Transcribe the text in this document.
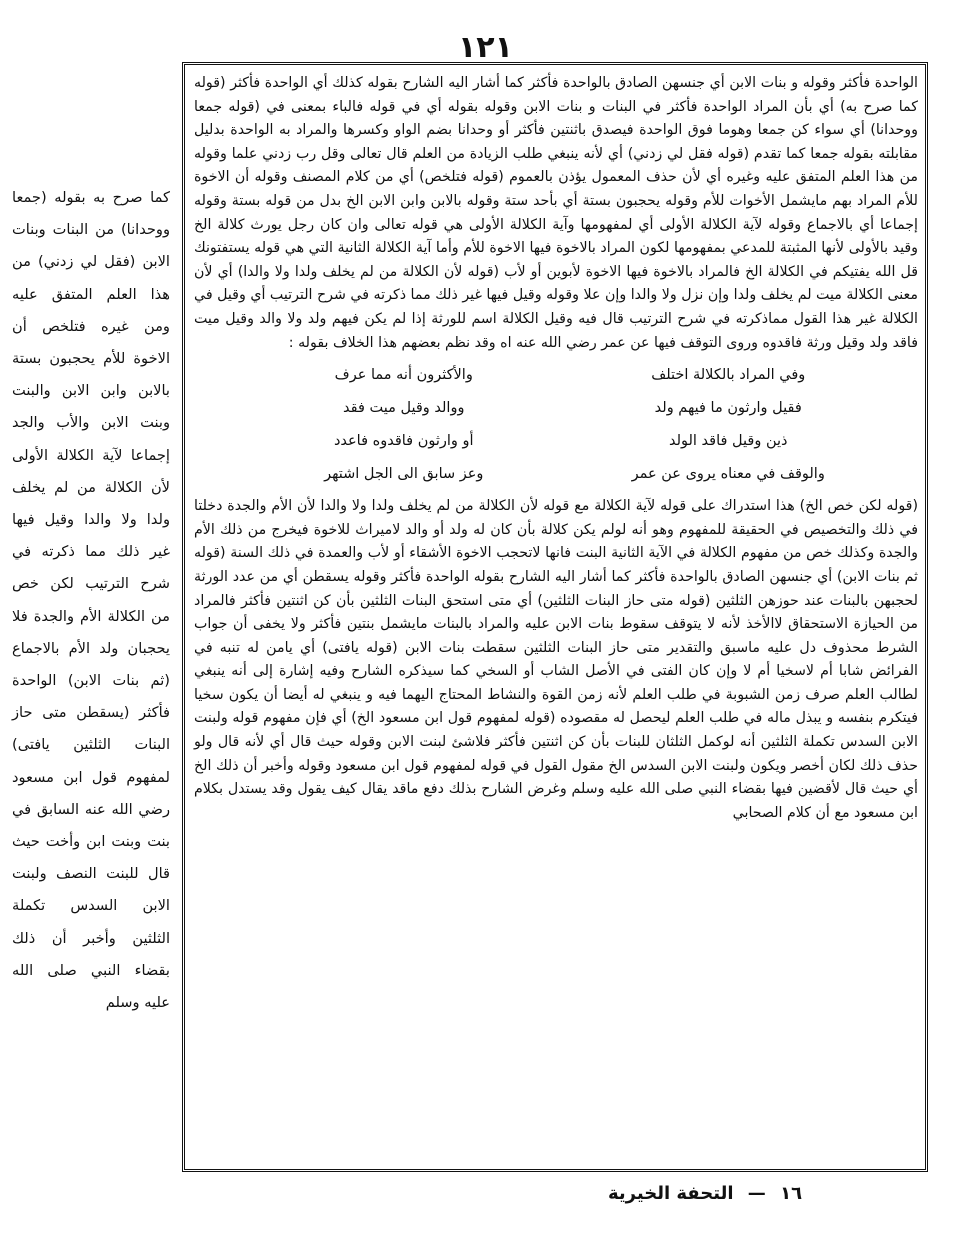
١٢١

الواحدة فأكثر وقوله و بنات الابن أي جنسهن الصادق بالواحدة فأكثر كما أشار اليه الشارح بقوله كذلك أي الواحدة فأكثر (قوله كما صرح به) أي بأن المراد الواحدة فأكثر في البنات و بنات الابن وقوله بقوله أي في قوله فالباء بمعنى في (قوله جمعا ووحدانا) أي سواء كن جمعا وهوما فوق الواحدة فيصدق باثنتين فأكثر أو وحدانا بضم الواو وكسرها والمراد به الواحدة بدليل مقابلته بقوله جمعا كما تقدم (قوله فقل لي زدني) أي لأنه ينبغي طلب الزيادة من العلم قال تعالى وقل رب زدني علما وقوله من هذا العلم المتفق عليه وغيره أي لأن حذف المعمول يؤذن بالعموم (قوله فتلخص) أي من كلام المصنف وقوله أن الاخوة للأم المراد بهم مايشمل الأخوات للأم وقوله يحجبون بستة أي بأحد ستة وقوله بالابن وابن الابن الخ بدل من قوله بستة وقوله إجماعا أي بالاجماع وقوله لآية الكلالة الأولى أي لمفهومها وآية الكلالة الأولى هي قوله تعالى وان كان رجل يورث كلالة الخ وقيد بالأولى لأنها المثبتة للمدعي بمفهومها لكون المراد بالاخوة فيها الاخوة للأم وأما آية الكلالة الثانية التي هي قوله يستفتونك قل الله يفتيكم في الكلالة الخ فالمراد بالاخوة فيها الاخوة لأبوين أو لأب (قوله لأن الكلالة من لم يخلف ولدا ولا والدا) أي لأن معنى الكلالة ميت لم يخلف ولدا وإن نزل ولا والدا وإن علا وقوله وقيل فيها غير ذلك مما ذكرته في شرح الترتيب أي وقيل في الكلالة غير هذا القول مماذكرته في شرح الترتيب قال فيه وقيل الكلالة اسم للورثة إذا لم يكن فيهم ولد ولا والد وقيل ميت فاقد ولد وقيل ورثة فاقدوه وروى التوقف فيها عن عمر رضي الله عنه اه وقد نظم بعضهم هذا الخلاف بقوله :

وفي المراد بالكلالة اختلف
والأكثرون أنه مما عرف
فقيل وارثون ما فيهم ولد
ووالد وقيل ميت فقد
ذين وقيل فاقد الولد
أو وارثون فاقدوه فاعدد
والوقف في معناه يروى عن عمر
وعز سابق الى الجل اشتهر

(قوله لكن خص الخ) هذا استدراك على قوله لآية الكلالة مع قوله لأن الكلالة من لم يخلف ولدا ولا والدا لأن الأم والجدة دخلتا في ذلك والتخصيص في الحقيقة للمفهوم وهو أنه لولم يكن كلالة بأن كان له ولد أو والد لاميراث للاخوة فيخرج من ذلك الأم والجدة وكذلك خص من مفهوم الكلالة في الآية الثانية البنت فانها لاتحجب الاخوة الأشقاء أو لأب والعمدة في ذلك السنة (قوله ثم بنات الابن) أي جنسهن الصادق بالواحدة فأكثر كما أشار اليه الشارح بقوله الواحدة فأكثر وقوله يسقطن أي من عدد الورثة لحجبهن بالبنات عند حوزهن الثلثين (قوله متى حاز البنات الثلثين) أي متى استحق البنات الثلثين بأن كن اثنتين فأكثر فالمراد من الحيازة الاستحقاق لاالأخذ لأنه لا يتوقف سقوط بنات الابن عليه والمراد بالبنات مايشمل بنتين فأكثر ولا يخفى أن جواب الشرط محذوف دل عليه ماسبق والتقدير متى حاز البنات الثلثين سقطت بنات الابن (قوله يافتى) أي يامن له تنبه في الفرائض شابا أم لاسخيا أم لا وإن كان الفتى في الأصل الشاب أو السخي كما سيذكره الشارح وفيه إشارة إلى أنه ينبغي لطالب العلم صرف زمن الشبوبة في طلب العلم لأنه زمن القوة والنشاط المحتاج اليهما فيه و ينبغي له أيضا أن يكون سخيا فيتكرم بنفسه و يبذل ماله في طلب العلم ليحصل له مقصوده (قوله لمفهوم قول ابن مسعود الخ) أي فإن مفهوم قوله ولبنت الابن السدس تكملة الثلثين أنه لوكمل الثلثان للبنات بأن كن اثنتين فأكثر فلاشئ لبنت الابن وقوله حيث قال أي لأنه قال ولو حذف ذلك لكان أخصر ويكون ولبنت الابن السدس الخ مقول القول في قوله لمفهوم قول ابن مسعود وقوله وأخبر أن ذلك الخ أي حيث قال لأقضين فيها بقضاء النبي صلى الله عليه وسلم وغرض الشارح بذلك دفع ماقد يقال كيف يقول وقد يستدل بكلام ابن مسعود مع أن كلام الصحابي

كما صرح به بقوله (جمعا ووحدانا) من البنات وبنات الابن (فقل لي زدني) من هذا العلم المتفق عليه ومن غيره فتلخص أن الاخوة للأم يحجبون بستة بالابن وابن الابن والبنت وبنت الابن والأب والجد إجماعا لآية الكلالة الأولى لأن الكلالة من لم يخلف ولدا ولا والدا وقيل فيها غير ذلك مما ذكرته في شرح الترتيب لكن خص من الكلالة الأم والجدة فلا يحجبان ولد الأم بالاجماع (ثم بنات الابن) الواحدة فأكثر (يسقطن متى حاز البنات الثلثين يافتى) لمفهوم قول ابن مسعود رضي الله عنه السابق في بنت وبنت ابن وأخت حيث قال للبنت النصف ولبنت الابن السدس تكملة الثلثين وأخبر أن ذلك بقضاء النبي صلى الله عليه وسلم

١٦ — التحفة الخيرية
